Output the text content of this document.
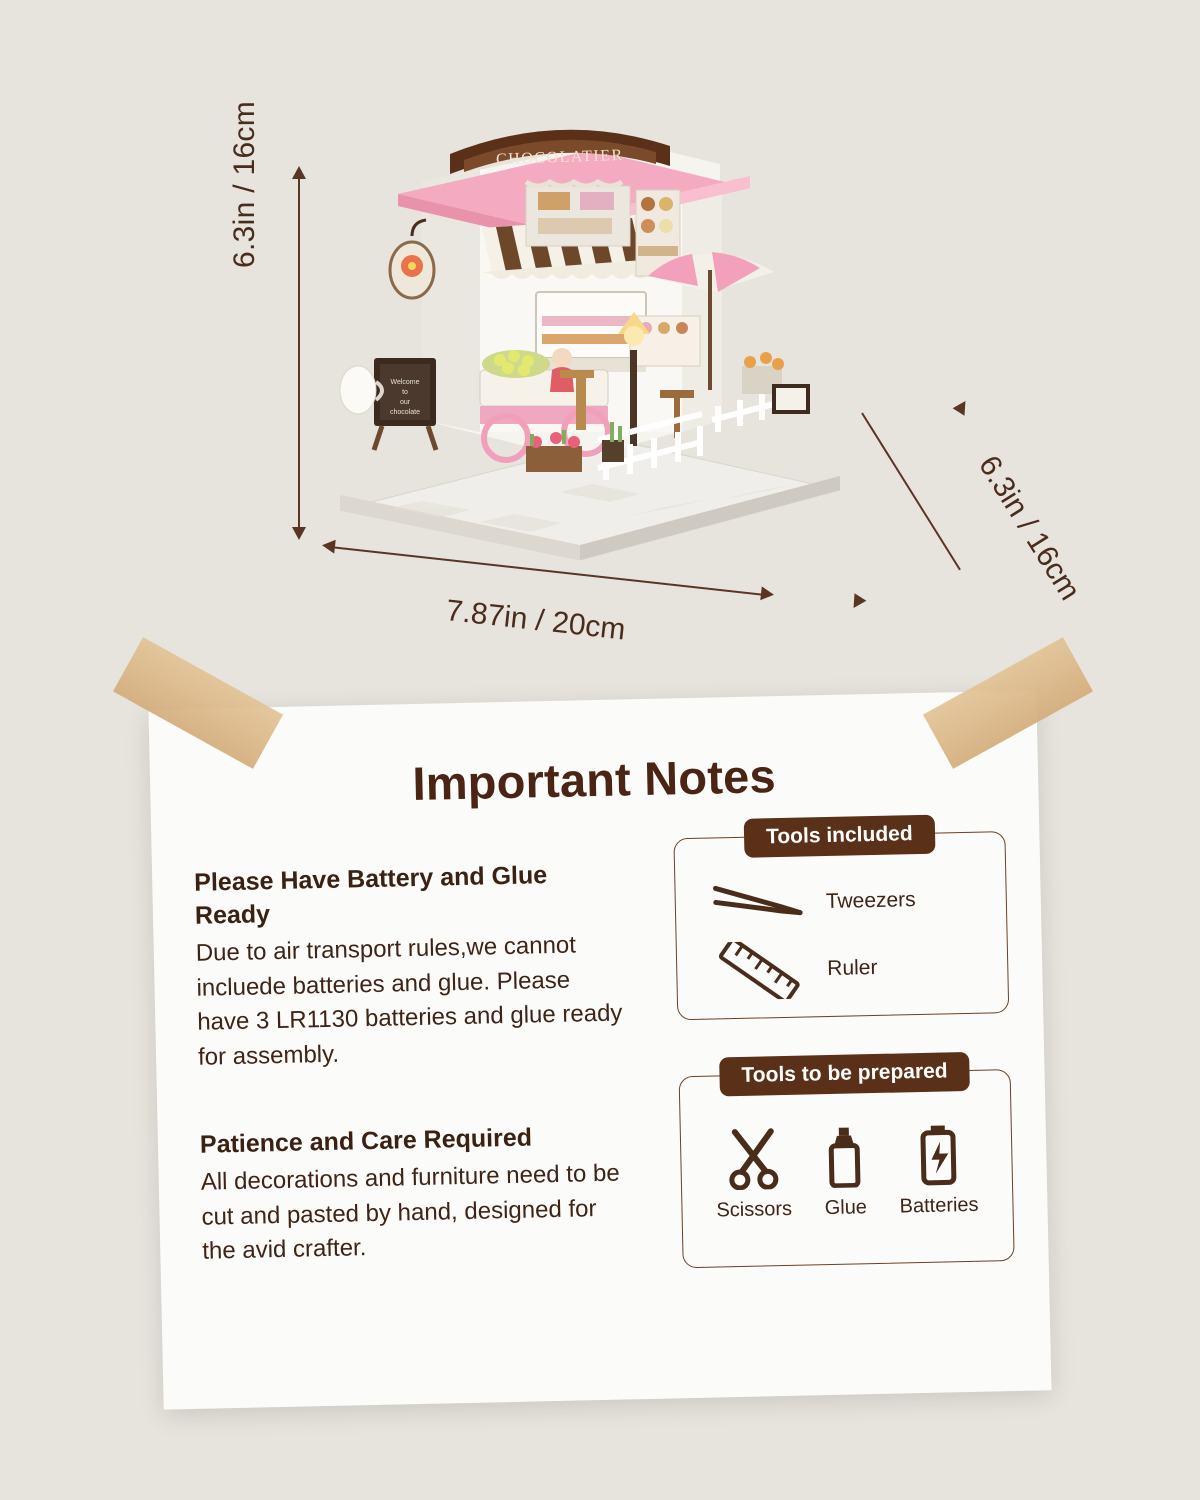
CHOCOLATIER
Welcome
to
our
chocolate
6.3in / 16cm
7.87in / 20cm
6.3in / 16cm
Important Notes
Please Have Battery and Glue Ready
Due to air transport rules,we cannot incluede batteries and glue. Please have 3 LR1130 batteries and glue ready for assembly.
Patience and Care Required
All decorations and furniture need to be cut and pasted by hand, designed for the avid crafter.
Tools included
Tweezers
Ruler
Tools to be prepared
Scissors Glue Batteries
